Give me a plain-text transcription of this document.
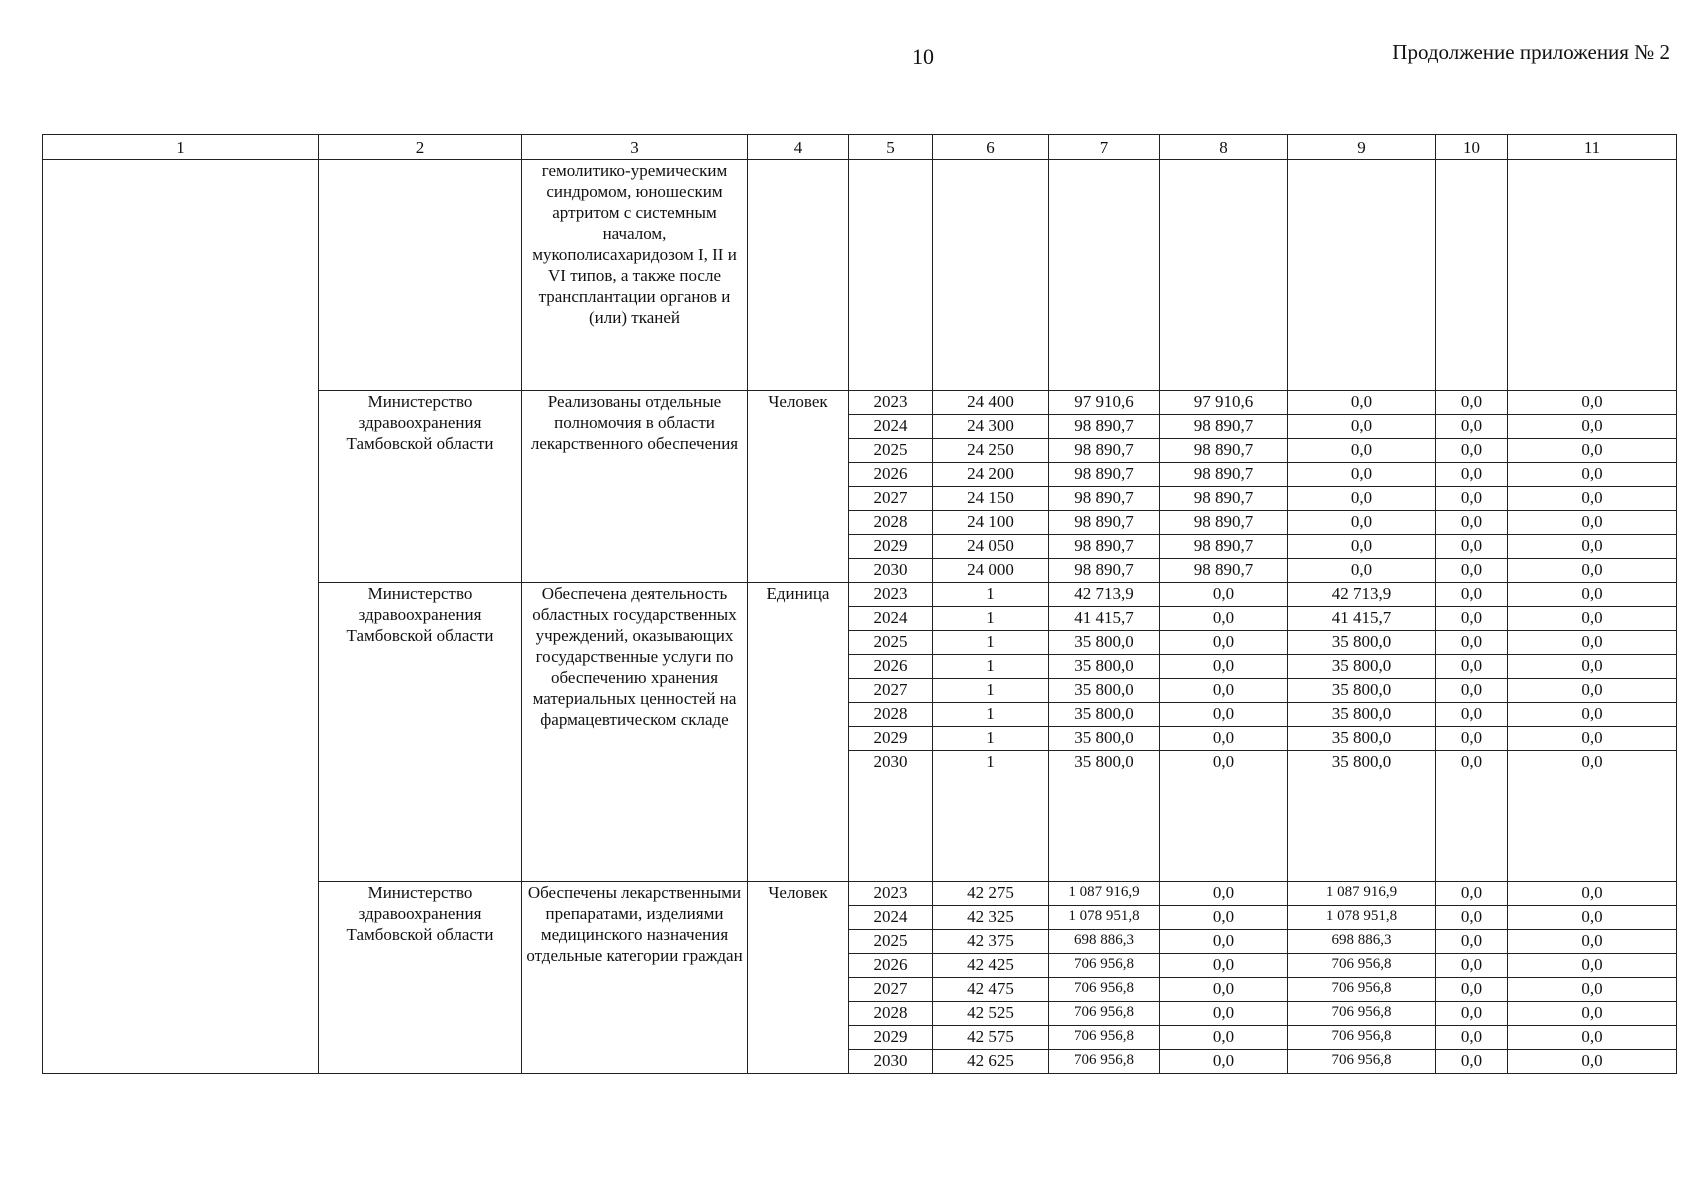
10	Продолжение приложения № 2
1	2	3	4	5	6	7	8	9	10	11
		гемолитико-уремическим синдромом, юношеским артритом с системным началом, мукополисахаридозом I, II и VI типов, а также после трансплантации органов и (или) тканей								
	Министерство здравоохранения Тамбовской области	Реализованы отдельные полномочия в области лекарственного обеспечения	Человек	2023	24 400	97 910,6	97 910,6	0,0	0,0	0,0
				2024	24 300	98 890,7	98 890,7	0,0	0,0	0,0
				2025	24 250	98 890,7	98 890,7	0,0	0,0	0,0
				2026	24 200	98 890,7	98 890,7	0,0	0,0	0,0
				2027	24 150	98 890,7	98 890,7	0,0	0,0	0,0
				2028	24 100	98 890,7	98 890,7	0,0	0,0	0,0
				2029	24 050	98 890,7	98 890,7	0,0	0,0	0,0
				2030	24 000	98 890,7	98 890,7	0,0	0,0	0,0
	Министерство здравоохранения Тамбовской области	Обеспечена деятельность областных государственных учреждений, оказывающих государственные услуги по обеспечению хранения материальных ценностей на фармацевтическом складе	Единица	2023	1	42 713,9	0,0	42 713,9	0,0	0,0
				2024	1	41 415,7	0,0	41 415,7	0,0	0,0
				2025	1	35 800,0	0,0	35 800,0	0,0	0,0
				2026	1	35 800,0	0,0	35 800,0	0,0	0,0
				2027	1	35 800,0	0,0	35 800,0	0,0	0,0
				2028	1	35 800,0	0,0	35 800,0	0,0	0,0
				2029	1	35 800,0	0,0	35 800,0	0,0	0,0
				2030	1	35 800,0	0,0	35 800,0	0,0	0,0
	Министерство здравоохранения Тамбовской области	Обеспечены лекарственными препаратами, изделиями медицинского назначения отдельные категории граждан	Человек	2023	42 275	1 087 916,9	0,0	1 087 916,9	0,0	0,0
				2024	42 325	1 078 951,8	0,0	1 078 951,8	0,0	0,0
				2025	42 375	698 886,3	0,0	698 886,3	0,0	0,0
				2026	42 425	706 956,8	0,0	706 956,8	0,0	0,0
				2027	42 475	706 956,8	0,0	706 956,8	0,0	0,0
				2028	42 525	706 956,8	0,0	706 956,8	0,0	0,0
				2029	42 575	706 956,8	0,0	706 956,8	0,0	0,0
				2030	42 625	706 956,8	0,0	706 956,8	0,0	0,0
